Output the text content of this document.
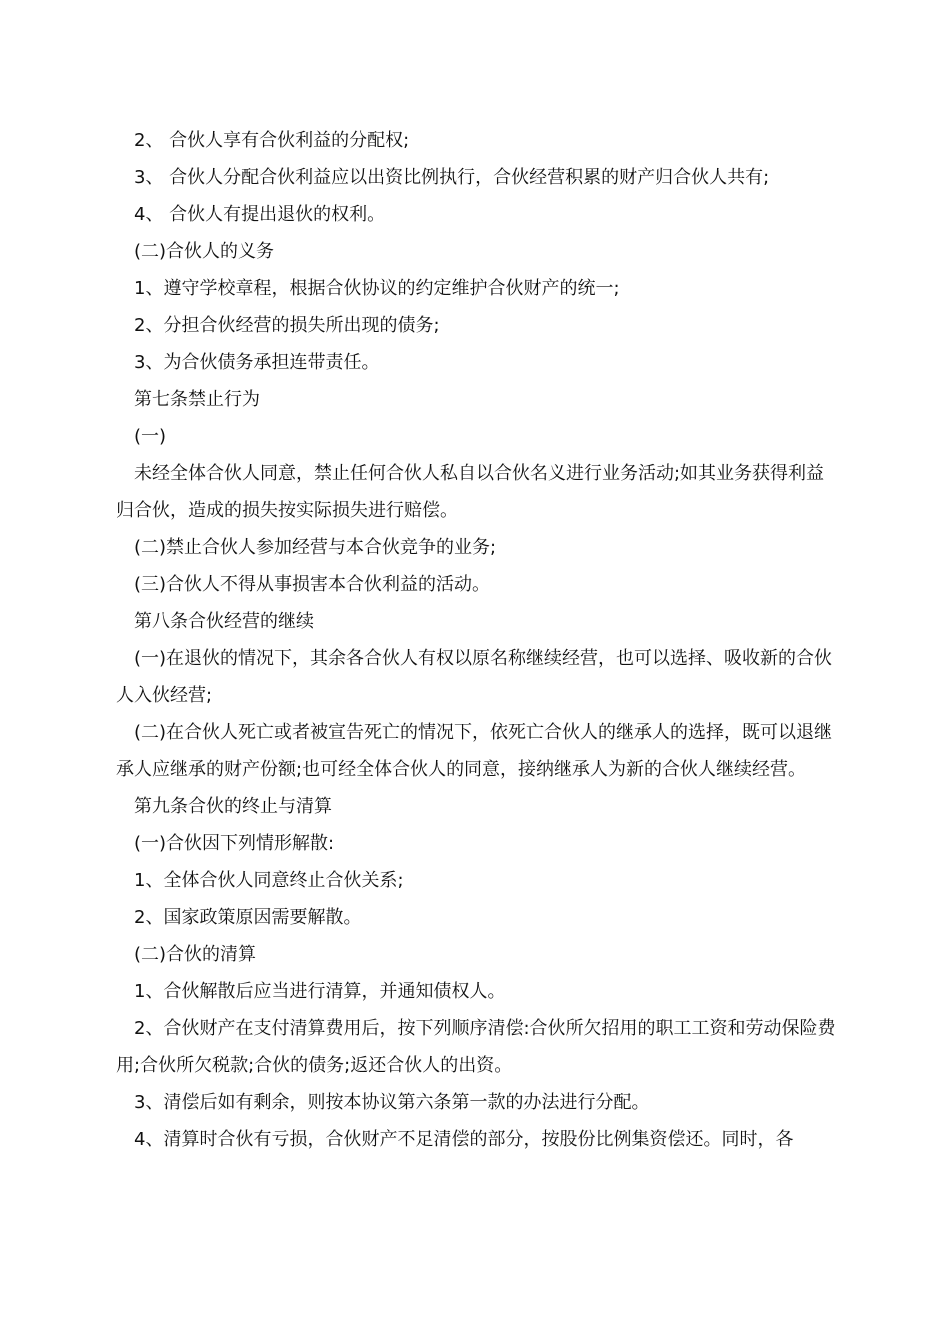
2、 合伙人享有合伙利益的分配权;

3、 合伙人分配合伙利益应以出资比例执行，合伙经营积累的财产归合伙人共有;

4、 合伙人有提出退伙的权利。

(二)合伙人的义务

1、遵守学校章程，根据合伙协议的约定维护合伙财产的统一;

2、分担合伙经营的损失所出现的债务;

3、为合伙债务承担连带责任。

第七条禁止行为

(一)

未经全体合伙人同意，禁止任何合伙人私自以合伙名义进行业务活动;如其业务获得利益归合伙，造成的损失按实际损失进行赔偿。

(二)禁止合伙人参加经营与本合伙竞争的业务;

(三)合伙人不得从事损害本合伙利益的活动。

第八条合伙经营的继续

(一)在退伙的情况下，其余各合伙人有权以原名称继续经营，也可以选择、吸收新的合伙人入伙经营;

(二)在合伙人死亡或者被宣告死亡的情况下，依死亡合伙人的继承人的选择，既可以退继承人应继承的财产份额;也可经全体合伙人的同意，接纳继承人为新的合伙人继续经营。

第九条合伙的终止与清算

(一)合伙因下列情形解散:

1、全体合伙人同意终止合伙关系;

2、国家政策原因需要解散。

(二)合伙的清算

1、合伙解散后应当进行清算，并通知债权人。

2、合伙财产在支付清算费用后，按下列顺序清偿:合伙所欠招用的职工工资和劳动保险费用;合伙所欠税款;合伙的债务;返还合伙人的出资。

3、清偿后如有剩余，则按本协议第六条第一款的办法进行分配。

4、清算时合伙有亏损，合伙财产不足清偿的部分，按股份比例集资偿还。同时，各
